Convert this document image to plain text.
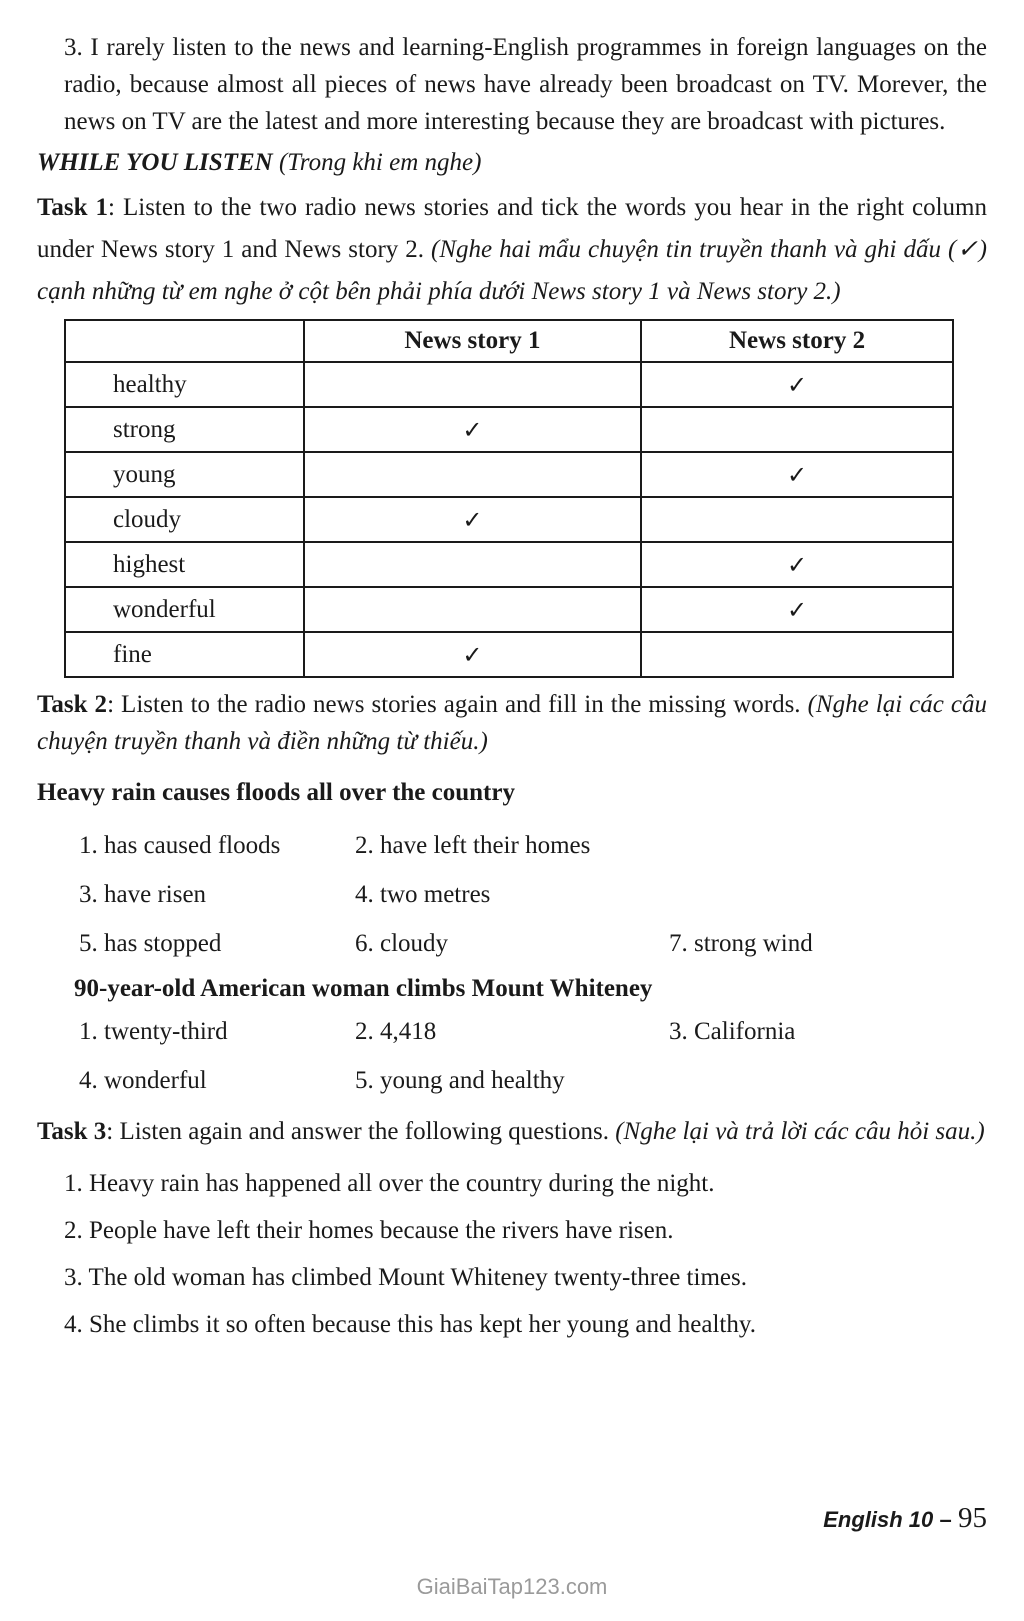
3. I rarely listen to the news and learning-English programmes in foreign languages on the radio, because almost all pieces of news have already been broadcast on TV. Morever, the news on TV are the latest and more interesting because they are broadcast with pictures.

WHILE YOU LISTEN (Trong khi em nghe)

Task 1: Listen to the two radio news stories and tick the words you hear in the right column under News story 1 and News story 2. (Nghe hai mẩu chuyện tin truyền thanh và ghi dấu (✓) cạnh những từ em nghe ở cột bên phải phía dưới News story 1 và News story 2.)

	News story 1	News story 2
healthy		✓
strong	✓	
young		✓
cloudy	✓	
highest		✓
wonderful		✓
fine	✓	

Task 2: Listen to the radio news stories again and fill in the missing words. (Nghe lại các câu chuyện truyền thanh và điền những từ thiếu.)

Heavy rain causes floods all over the country

1. has caused floods	2. have left their homes
3. have risen	4. two metres
5. has stopped	6. cloudy	7. strong wind

90-year-old American woman climbs Mount Whiteney

1. twenty-third	2. 4,418	3. California
4. wonderful	5. young and healthy

Task 3: Listen again and answer the following questions. (Nghe lại và trả lời các câu hỏi sau.)

1. Heavy rain has happened all over the country during the night.

2. People have left their homes because the rivers have risen.

3. The old woman has climbed Mount Whiteney twenty-three times.

4. She climbs it so often because this has kept her young and healthy.

English 10 – 95
GiaiBaiTap123.com
